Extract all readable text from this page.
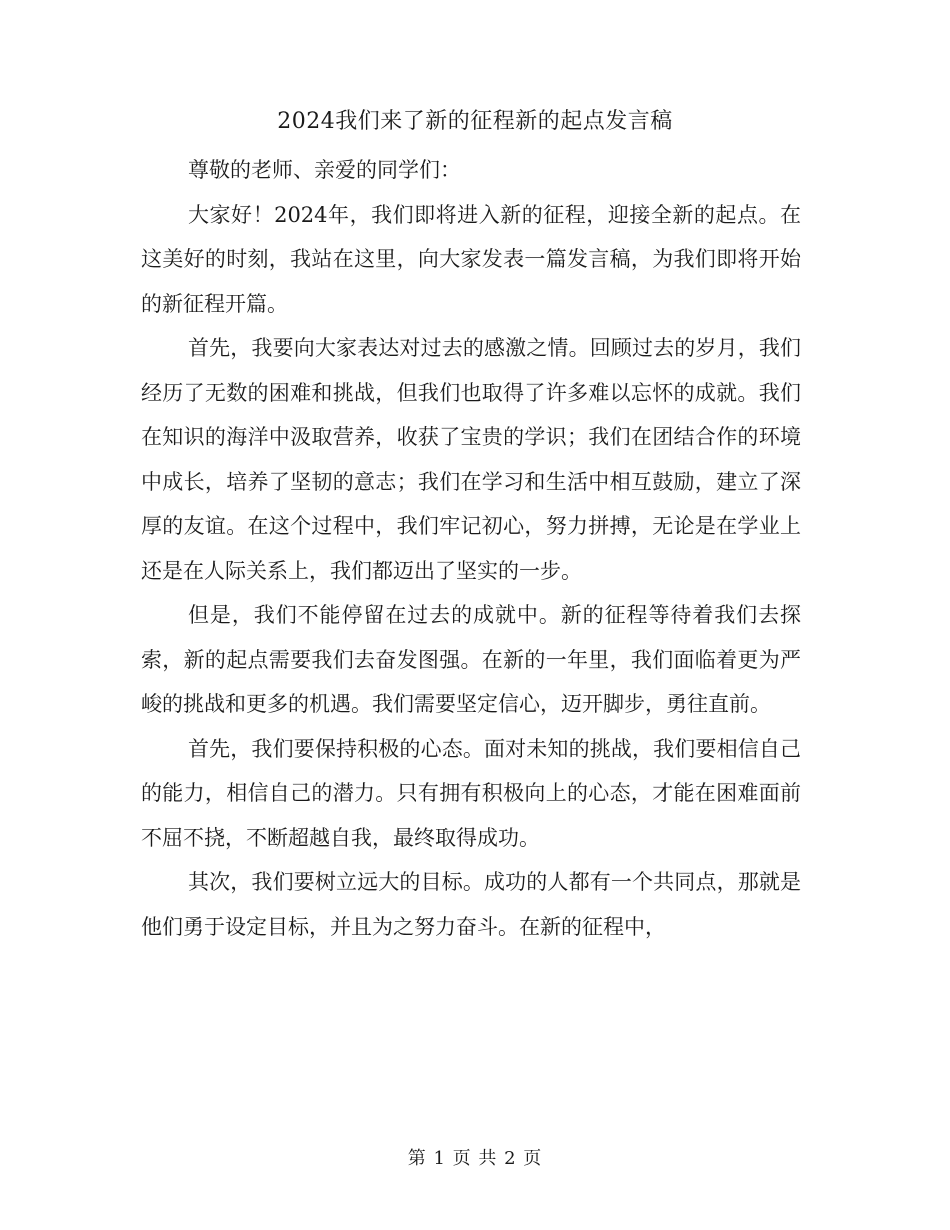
2024我们来了新的征程新的起点发言稿

尊敬的老师、亲爱的同学们：

大家好！2024年，我们即将进入新的征程，迎接全新的起点。在这美好的时刻，我站在这里，向大家发表一篇发言稿，为我们即将开始的新征程开篇。

首先，我要向大家表达对过去的感激之情。回顾过去的岁月，我们经历了无数的困难和挑战，但我们也取得了许多难以忘怀的成就。我们在知识的海洋中汲取营养，收获了宝贵的学识；我们在团结合作的环境中成长，培养了坚韧的意志；我们在学习和生活中相互鼓励，建立了深厚的友谊。在这个过程中，我们牢记初心，努力拼搏，无论是在学业上还是在人际关系上，我们都迈出了坚实的一步。

但是，我们不能停留在过去的成就中。新的征程等待着我们去探索，新的起点需要我们去奋发图强。在新的一年里，我们面临着更为严峻的挑战和更多的机遇。我们需要坚定信心，迈开脚步，勇往直前。

首先，我们要保持积极的心态。面对未知的挑战，我们要相信自己的能力，相信自己的潜力。只有拥有积极向上的心态，才能在困难面前不屈不挠，不断超越自我，最终取得成功。

其次，我们要树立远大的目标。成功的人都有一个共同点，那就是他们勇于设定目标，并且为之努力奋斗。在新的征程中，

第 1 页 共 2 页
